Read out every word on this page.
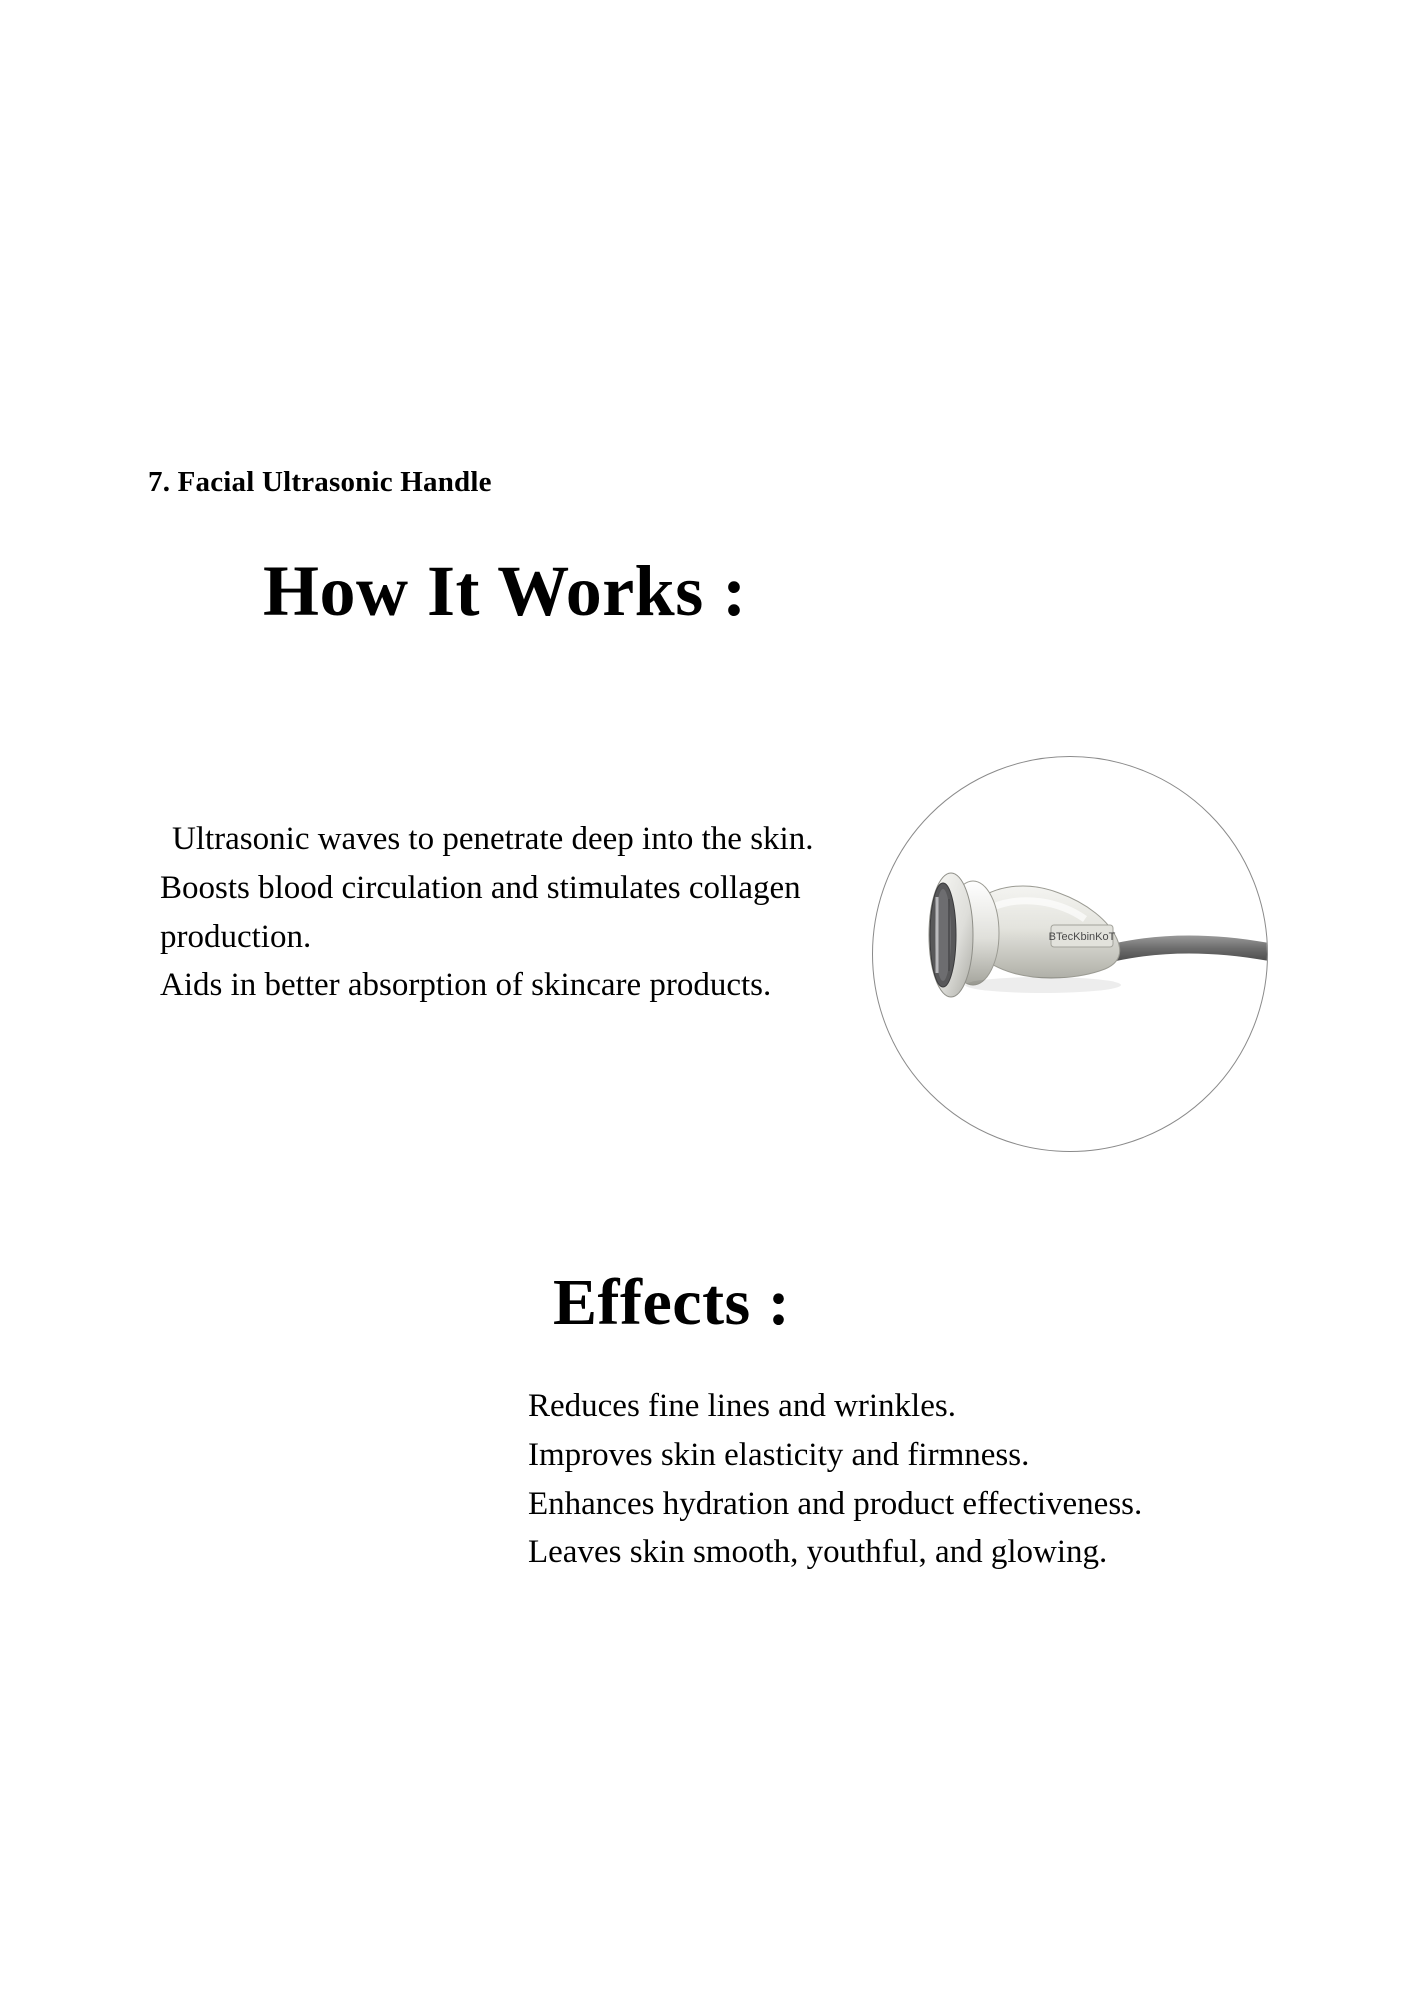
7. Facial Ultrasonic Handle
How It Works :
Ultrasonic waves to penetrate deep into the skin.
Boosts blood circulation and stimulates collagen production.
Aids in better absorption of skincare products.
BTecKbinKoT
Effects :
Reduces fine lines and wrinkles.
Improves skin elasticity and firmness.
Enhances hydration and product effectiveness.
Leaves skin smooth, youthful, and glowing.
